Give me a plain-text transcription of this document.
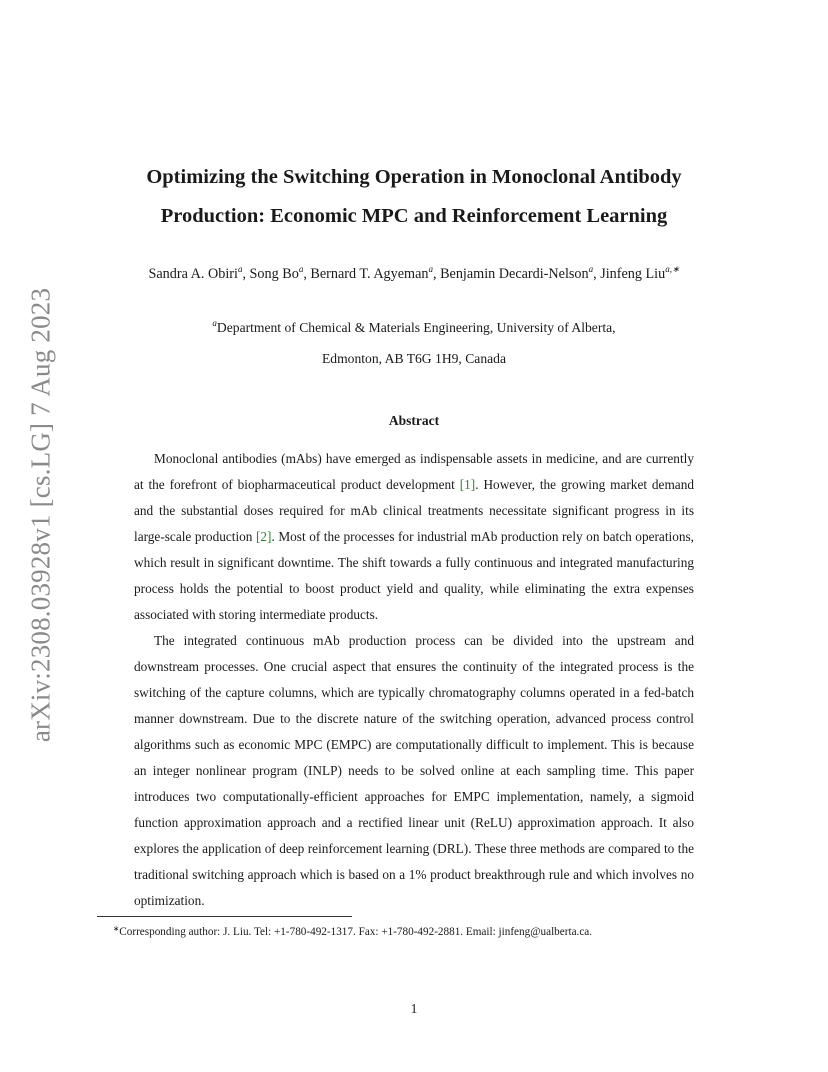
arXiv:2308.03928v1 [cs.LG] 7 Aug 2023
Optimizing the Switching Operation in Monoclonal Antibody
Production: Economic MPC and Reinforcement Learning
Sandra A. Obiri$^a$, Song Bo$^a$, Bernard T. Agyeman$^a$, Benjamin Decardi-Nelson$^a$, Jinfeng Liu$^{a,∗}$
$^a$Department of Chemical & Materials Engineering, University of Alberta,
Edmonton, AB T6G 1H9, Canada
Abstract

Monoclonal antibodies (mAbs) have emerged as indispensable assets in medicine, and are currently at the forefront of biopharmaceutical product development [1]. However, the growing market demand and the substantial doses required for mAb clinical treatments necessitate significant progress in its large-scale production [2]. Most of the processes for industrial mAb production rely on batch operations, which result in significant downtime. The shift towards a fully continuous and integrated manufacturing process holds the potential to boost product yield and quality, while eliminating the extra expenses associated with storing intermediate products.

The integrated continuous mAb production process can be divided into the upstream and downstream processes. One crucial aspect that ensures the continuity of the integrated process is the switching of the capture columns, which are typically chromatography columns operated in a fed-batch manner downstream. Due to the discrete nature of the switching operation, advanced process control algorithms such as economic MPC (EMPC) are computationally difficult to implement. This is because an integer nonlinear program (INLP) needs to be solved online at each sampling time. This paper introduces two computationally-efficient approaches for EMPC implementation, namely, a sigmoid function approximation approach and a rectified linear unit (ReLU) approximation approach. It also explores the application of deep reinforcement learning (DRL). These three methods are compared to the traditional switching approach which is based on a 1% product breakthrough rule and which involves no optimization.

∗Corresponding author: J. Liu. Tel: +1-780-492-1317. Fax: +1-780-492-2881. Email: jinfeng@ualberta.ca.
1
